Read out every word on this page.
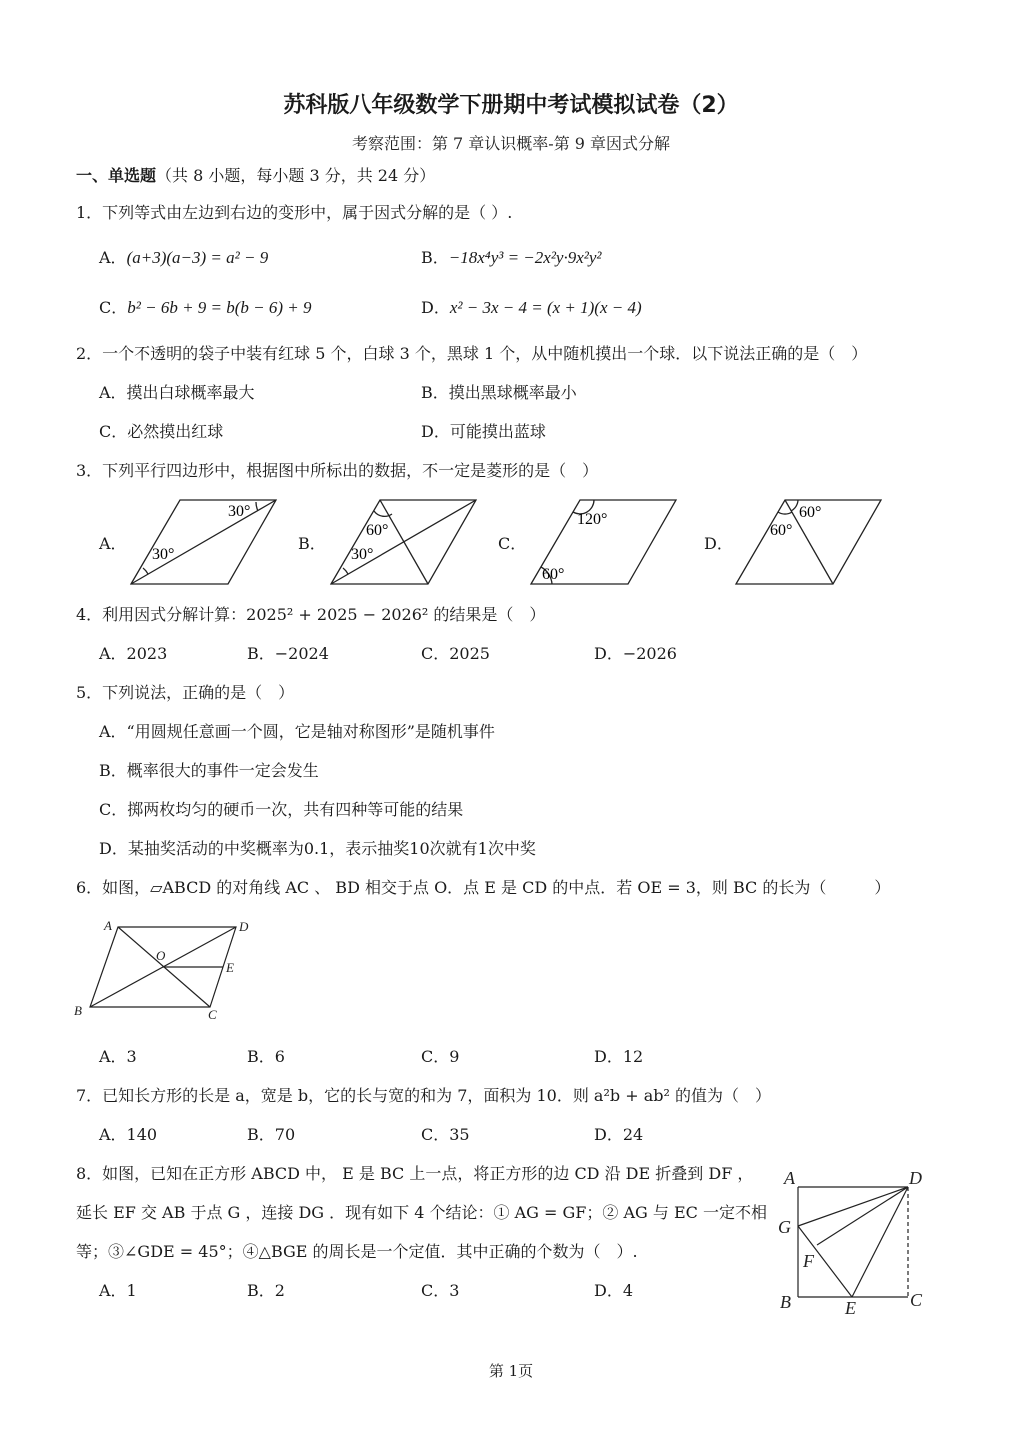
苏科版八年级数学下册期中考试模拟试卷（2）
考察范围：第 7 章认识概率-第 9 章因式分解
一、单选题（共 8 小题，每小题 3 分，共 24 分）
1．下列等式由左边到右边的变形中，属于因式分解的是（ ）.
A．(a+3)(a−3) = a² − 9	B．−18x⁴y³ = −2x²y·9x²y²
C．b² − 6b + 9 = b(b − 6) + 9	D．x² − 3x − 4 = (x + 1)(x − 4)
2．一个不透明的袋子中装有红球 5 个，白球 3 个，黑球 1 个，从中随机摸出一个球．以下说法正确的是（　）
A．摸出白球概率最大	B．摸出黑球概率最小
C．必然摸出红球	D．可能摸出蓝球
3．下列平行四边形中，根据图中所标出的数据，不一定是菱形的是（　）
A．	B．	C．	D．
30°
30°
60°
30°
120°
60°
60°
60°
4．利用因式分解计算：2025² + 2025 − 2026² 的结果是（　）
A．2023	B．−2024	C．2025	D．−2026
5．下列说法，正确的是（　）
A．“用圆规任意画一个圆，它是轴对称图形”是随机事件
B．概率很大的事件一定会发生
C．掷两枚均匀的硬币一次，共有四种等可能的结果
D．某抽奖活动的中奖概率为0.1，表示抽奖10次就有1次中奖
6．如图，▱ABCD 的对角线 AC 、 BD 相交于点 O．点 E 是 CD 的中点．若 OE = 3，则 BC 的长为（　　　）
A	D
O
E
B	C
A．3	B．6	C．9	D．12
7．已知长方形的长是 a，宽是 b，它的长与宽的和为 7，面积为 10．则 a²b + ab² 的值为（　）
A．140	B．70	C．35	D．24
8．如图，已知在正方形 ABCD 中， E 是 BC 上一点，将正方形的边 CD 沿 DE 折叠到 DF ，
延长 EF 交 AB 于点 G ，连接 DG ．现有如下 4 个结论：① AG = GF；② AG 与 EC 一定不相
等；③∠GDE = 45°；④△BGE 的周长是一个定值．其中正确的个数为（　）.
A．1	B．2	C．3	D．4
A	D
G
F
B	E	C
第 1页
